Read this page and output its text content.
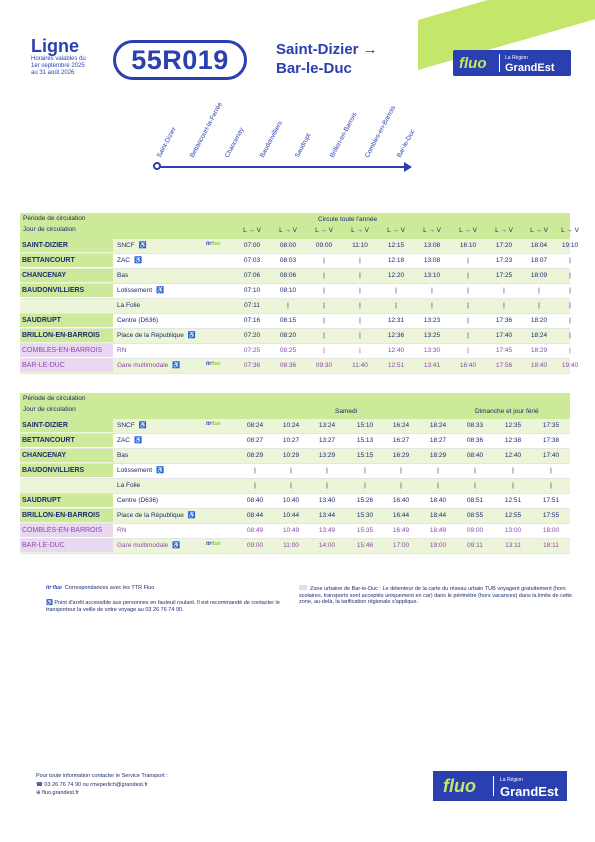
Ligne
Horaires valables du 1er septembre 2025 au 31 août 2026	55R019	Saint-Dizier →
Bar-le-Duc	fluo	La Région
GrandEst
Saint-Dizier Bettancourt-la-Ferrée Chancenay Baudonvilliers Saudrupt	Brillon-en-Barrois Combles-en-Barrois
Bar-le-Duc
Période de circulation
Jour de circulation
Circule toute l'année
L → V	L → V	L → V	L → V	L → V	L → V	L → V	L → V	L → V	L → V
SAINT-DIZIER	SNCF ♿	ttrfluo	07:00	08:00	09:00	11:10	12:15	13:08	16:10	17:20	18:04	19:10
BETTANCOURT	ZAC ♿	07:03	08:03	|	|	12:18	13:08	|	17:23	18:07	|
CHANCENAY	Bas	07:06	08:06	|	|	12:20	13:10	|	17:25	18:09	|
BAUDONVILLIERS	Lotissement ♿	07:10	08:10	|	|	|	|	|	|	|	|
La Folie	07:11	|	|	|	|	|	|	|	|	|
SAUDRUPT	Centre (D636)	07:16	08:15	|	|	12:31	13:23	|	17:36	18:20	|
BRILLON-EN-BARROIS	Place de la République ♿	07:20	08:20	|	|	12:36	13:25	|	17:40	18:24	|
COMBLES-EN-BARROIS	RN	07:25	08:25	|	|	12:40	13:30	|	17:45	18:29	|
BAR-LE-DUC	Gare multimodale ♿	ttrfluo	07:36	08:36	09:30	11:40	12:51	13:41	16:40	17:56	18:40	19:40
Période de circulation
Jour de circulation	Samedi	Dimanche et jour férié
SAINT-DIZIER	SNCF ♿	ttrfluo	08:24	10:24	13:24	15:10	16:24	18:24	08:33	12:35	17:35
BETTANCOURT	ZAC ♿	08:27	10:27	13:27	15:13	16:27	18:27	08:36	12:38	17:38
CHANCENAY	Bas	08:29	10:29	13:29	15:15	16:29	18:29	08:40	12:40	17:40
BAUDONVILLIERS	Lotissement ♿	|	|	|	|	|	|	|	|	|
La Folie	|	|	|	|	|	|	|	|	|
SAUDRUPT	Centre (D636)	08:40	10:40	13:40	15:26	16:40	18:40	08:51	12:51	17:51
BRILLON-EN-BARROIS	Place de la République ♿	08:44	10:44	13:44	15:30	16:44	18:44	08:55	12:55	17:55
COMBLES-EN-BARROIS	RN	08:49	10:49	13:49	15:35	16:49	18:49	09:00	13:00	18:00
BAR-LE-DUC	Gare multimodale ♿	ttrfluo	09:00	11:00	14:00	15:46	17:00	19:00	09:11	13:11	18:11
ttr fluo Correspondances avec les TTR Fluo
♿ Point d'arrêt accessible aux personnes en fauteuil roulant. Il est recommandé de contacter le transporteur la veille de votre voyage au 03 26 76 74 90.
Zone urbaine de Bar-le-Duc : Le détenteur de la carte du réseau urbain TUB voyagent gratuitement (hors scolaires, transports sont acceptés uniquement en car) dans le périmètre (hors vacances) dans la limite de cette zone, au-delà, la tarification régionale s'applique.
Pour toute information contacter le Service Transport :
☎ 03 26 76 74 90 ou rmeperlich@grandest.fr
⊕ fluo.grandest.fr	fluo	La Région
GrandEst
